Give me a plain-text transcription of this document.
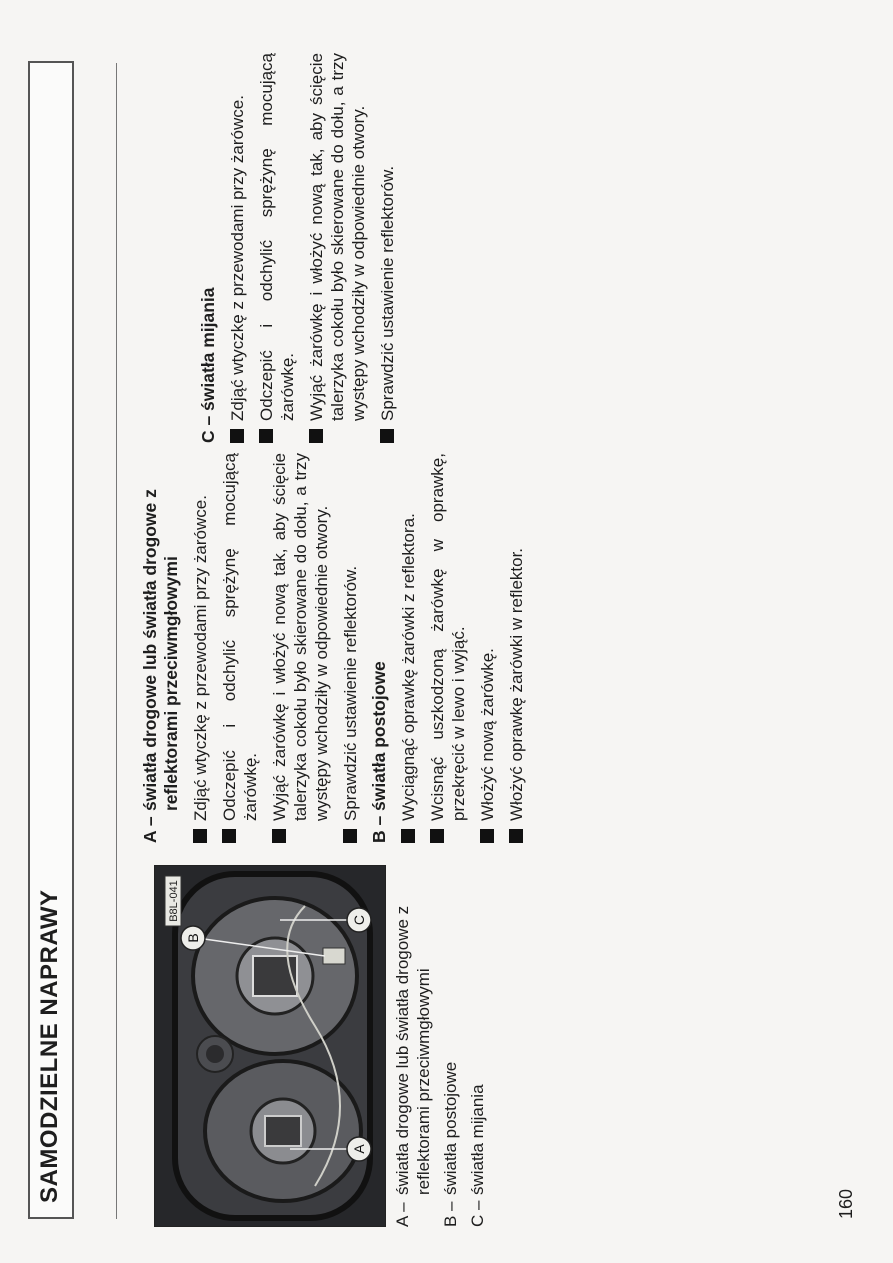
SAMODZIELNE NAPRAWY	A
C
B
B8L-041
A –
światła drogowe lub światła drogowe z reflektorami przeciwmgłowymi
B –
światła postojowe
C –
światła mijania
160
A –
światła drogowe lub światła drogowe z reflektorami przeciwmgłowymi Zdjąć wtyczkę z przewodami przy żarówce. Odczepić i odchylić sprężynę mocującą żarówkę. Wyjąć żarówkę i włożyć nową tak, aby ścięcie talerzyka cokołu było skierowane do dołu, a trzy występy wchodziły w odpowiednie otwory. Sprawdzić ustawienie reflektorów.
B –
światła postojowe Wyciągnąć oprawkę żarówki z reflektora. Wcisnąć uszkodzoną żarówkę w oprawkę, przekręcić w lewo i wyjąć. Włożyć nową żarówkę. Włożyć oprawkę żarówki w reflektor.
C –
światła mijania Zdjąć wtyczkę z przewodami przy żarówce. Odczepić i odchylić sprężynę mocującą żarówkę. Wyjąć żarówkę i włożyć nową tak, aby ścięcie talerzyka cokołu było skierowane do dołu, a trzy występy wchodziły w odpowiednie otwory. Sprawdzić ustawienie reflektorów.
